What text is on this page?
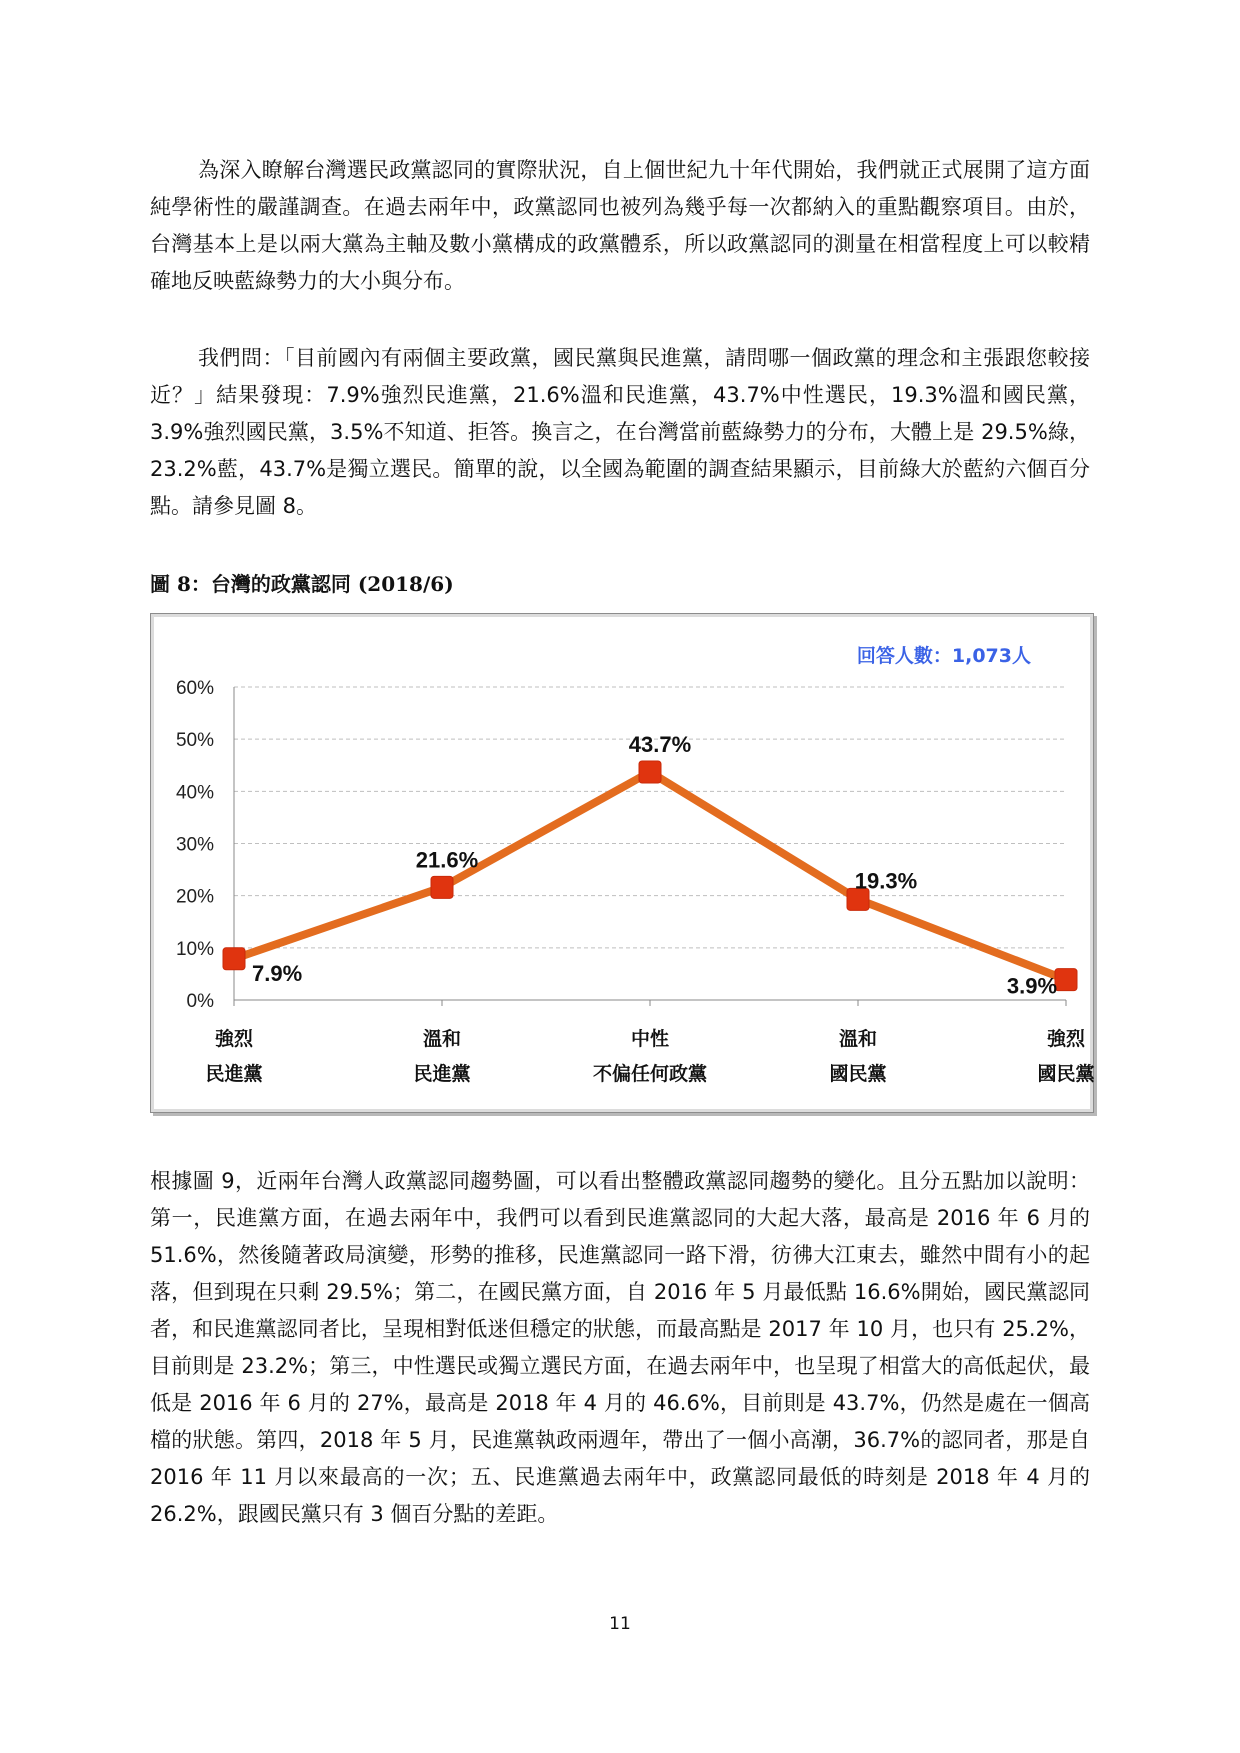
為深入瞭解台灣選民政黨認同的實際狀況，自上個世紀九十年代開始，我們就正式展開了這方面純學術性的嚴謹調查。在過去兩年中，政黨認同也被列為幾乎每一次都納入的重點觀察項目。由於，台灣基本上是以兩大黨為主軸及數小黨構成的政黨體系，所以政黨認同的測量在相當程度上可以較精確地反映藍綠勢力的大小與分布。

我們問：「目前國內有兩個主要政黨，國民黨與民進黨，請問哪一個政黨的理念和主張跟您較接近？」結果發現：7.9%強烈民進黨，21.6%溫和民進黨，43.7%中性選民，19.3%溫和國民黨，3.9%強烈國民黨，3.5%不知道、拒答。換言之，在台灣當前藍綠勢力的分布，大體上是 29.5%綠，23.2%藍，43.7%是獨立選民。簡單的說，以全國為範圍的調查結果顯示，目前綠大於藍約六個百分點。請參見圖 8。

圖 8：台灣的政黨認同 (2018/6)

0%
10%
20%
30%
40%
50%
60%
回答人數：1,073人
7.9%
21.6%
43.7%
19.3%
3.9%
強烈
民進黨
溫和
民進黨
中性
不偏任何政黨
溫和
國民黨
強烈
國民黨

根據圖 9，近兩年台灣人政黨認同趨勢圖，可以看出整體政黨認同趨勢的變化。且分五點加以說明：第一，民進黨方面，在過去兩年中，我們可以看到民進黨認同的大起大落，最高是 2016 年 6 月的 51.6%，然後隨著政局演變，形勢的推移，民進黨認同一路下滑，彷彿大江東去，雖然中間有小的起落，但到現在只剩 29.5%；第二，在國民黨方面，自 2016 年 5 月最低點 16.6%開始，國民黨認同者，和民進黨認同者比，呈現相對低迷但穩定的狀態，而最高點是 2017 年 10 月，也只有 25.2%，目前則是 23.2%；第三，中性選民或獨立選民方面，在過去兩年中，也呈現了相當大的高低起伏，最低是 2016 年 6 月的 27%，最高是 2018 年 4 月的 46.6%，目前則是 43.7%，仍然是處在一個高檔的狀態。第四，2018 年 5 月，民進黨執政兩週年，帶出了一個小高潮，36.7%的認同者，那是自 2016 年 11 月以來最高的一次；五、民進黨過去兩年中，政黨認同最低的時刻是 2018 年 4 月的 26.2%，跟國民黨只有 3 個百分點的差距。

11
